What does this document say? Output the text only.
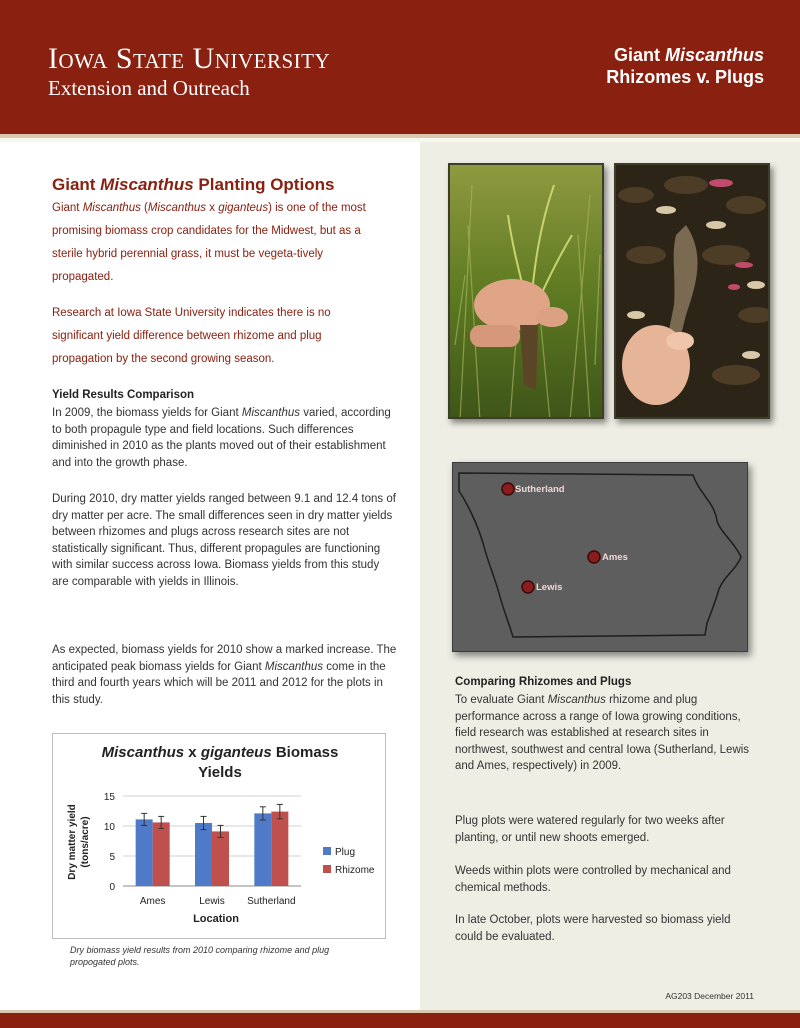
Iowa State University
Extension and Outreach
Giant Miscanthus
Rhizomes v. Plugs
Giant Miscanthus Planting Options
Giant Miscanthus (Miscanthus x giganteus) is one of the most promising biomass crop candidates for the Midwest, but as a sterile hybrid perennial grass, it must be vegeta-tively propagated.
Research at Iowa State University indicates there is no significant yield difference between rhizome and plug propagation by the second growing season.
Yield Results Comparison
In 2009, the biomass yields for Giant Miscanthus varied, according to both propagule type and field locations. Such differences diminished in 2010 as the plants moved out of their establishment and into the growth phase.
During 2010, dry matter yields ranged between 9.1 and 12.4 tons of dry matter per acre. The small differences seen in dry matter yields between rhizomes and plugs across research sites are not statistically significant. Thus, different propagules are functioning with similar success across Iowa. Biomass yields from this study are comparable with yields in Illinois.
As expected, biomass yields for 2010 show a marked increase. The anticipated peak biomass yields for Giant Miscanthus come in the third and fourth years which will be 2011 and 2012 for the plots in this study.
Miscanthus x giganteus Biomass
Yields
Dry matter yield (tons/acre)
Location
0
5
10
15
Ames	Lewis Sutherland
Plug
Rhizome
Dry biomass yield results from 2010 comparing rhizome and plug propogated plots.
Sutherland
Ames
Lewis
Comparing Rhizomes and Plugs
To evaluate Giant Miscanthus rhizome and plug performance across a range of Iowa growing conditions, field research was established at research sites in northwest, southwest and central Iowa (Sutherland, Lewis and Ames, respectively) in 2009.
Plug plots were watered regularly for two weeks after planting, or until new shoots emerged.
Weeds within plots were controlled by mechanical and chemical methods.
In late October, plots were harvested so biomass yield could be evaluated.
AG203 December 2011
